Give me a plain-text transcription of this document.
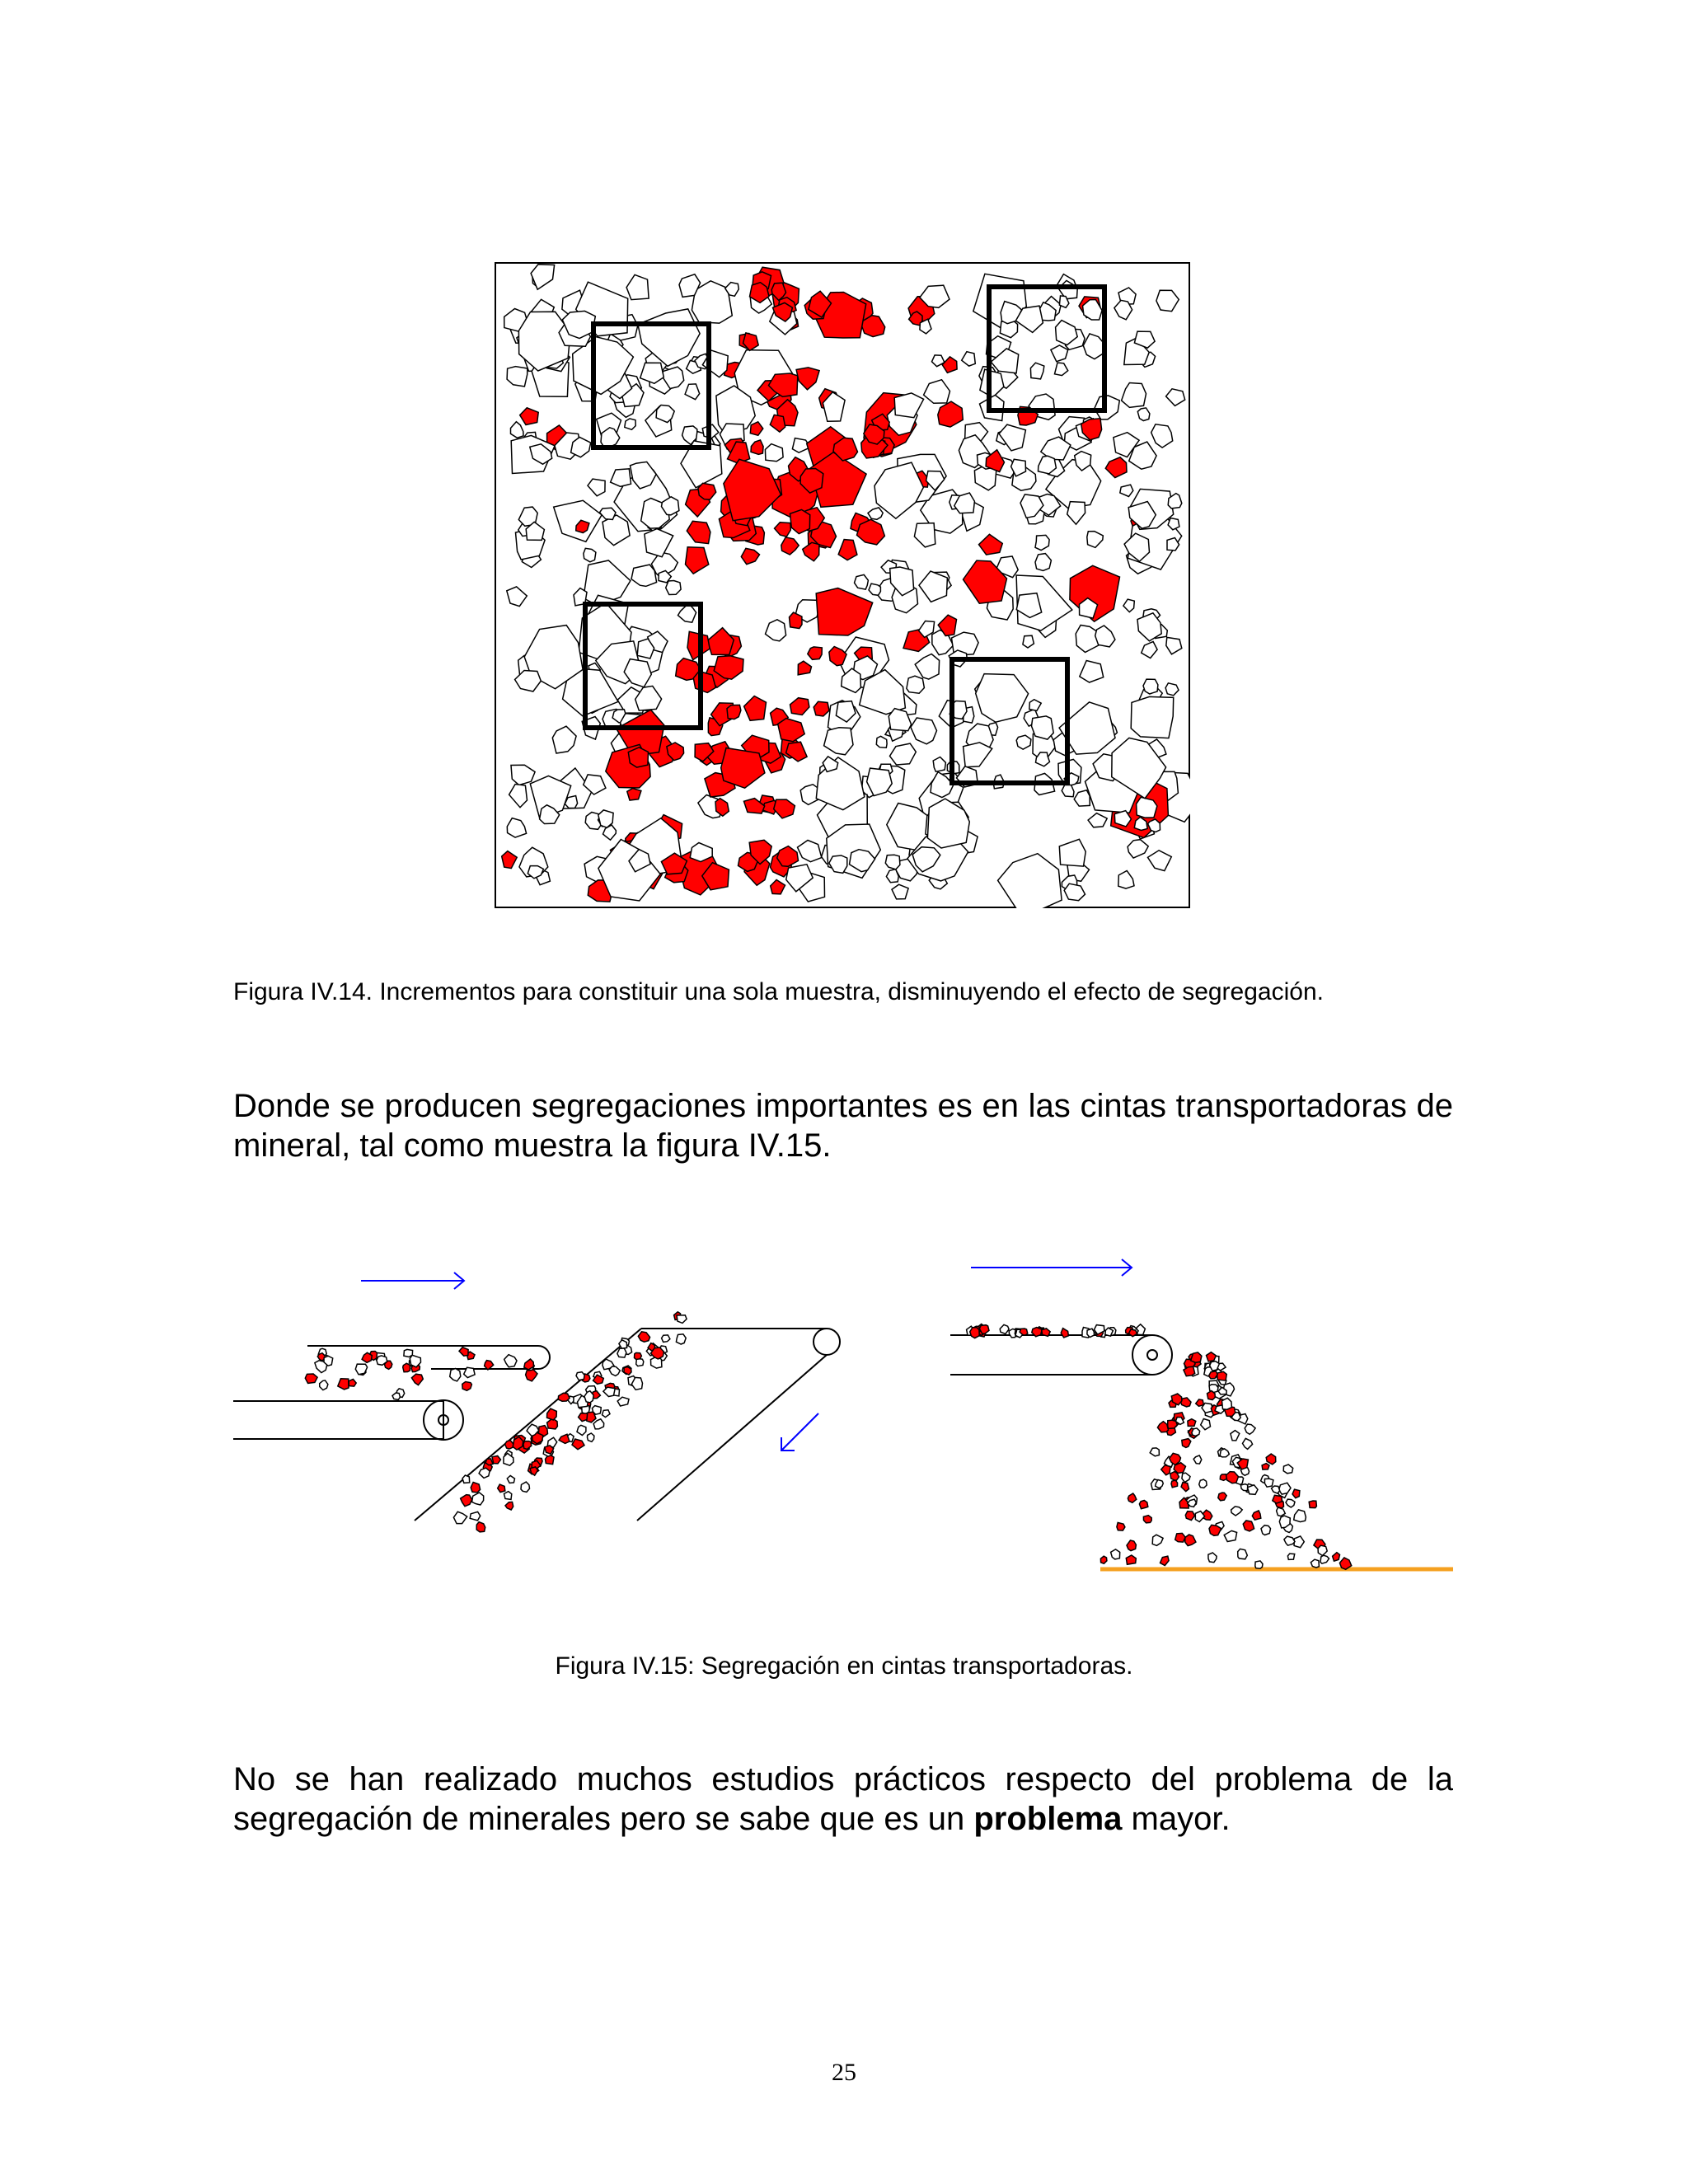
Figura IV.14. Incrementos para constituir una sola muestra, disminuyendo el efecto de segregación.

Donde se producen segregaciones importantes es en las cintas transportadoras de mineral, tal como muestra la figura IV.15.

Figura IV.15: Segregación en cintas transportadoras.

No se han realizado muchos estudios prácticos respecto del problema de la segregación de minerales pero se sabe que es un problema mayor.

25
